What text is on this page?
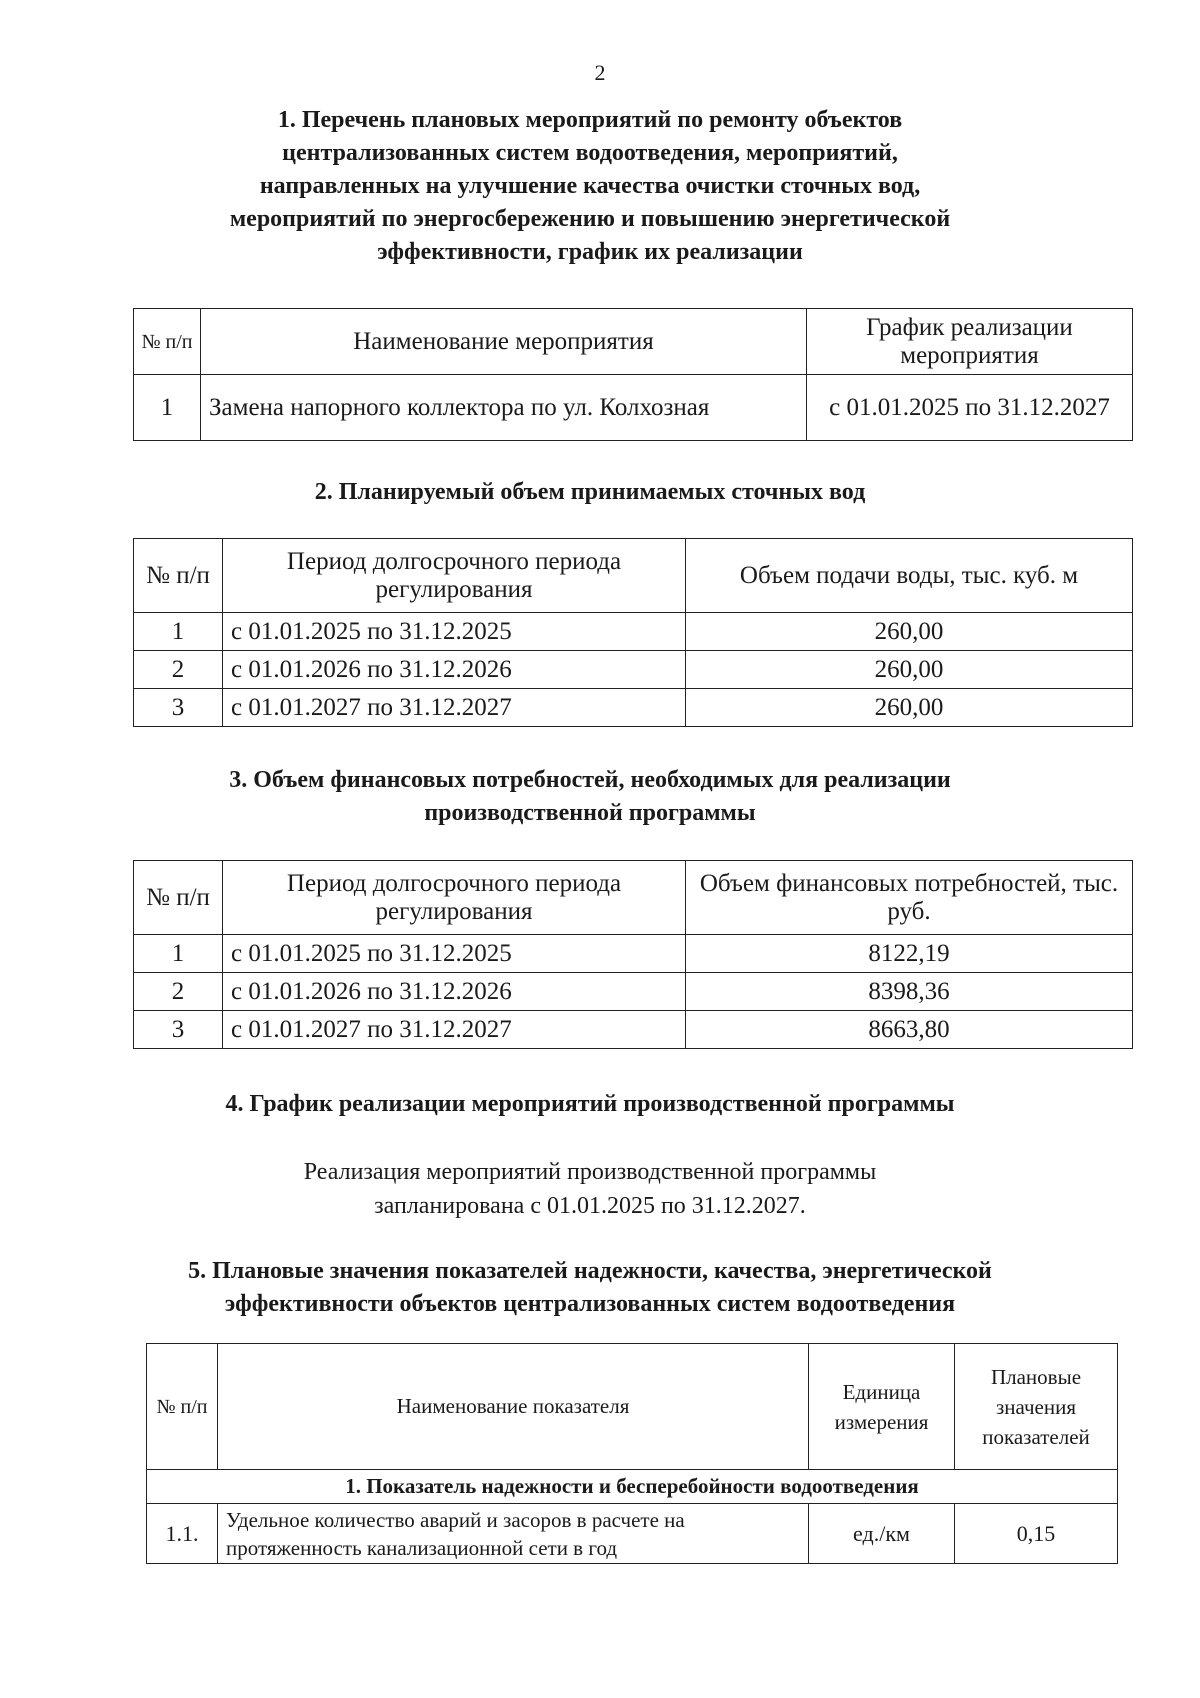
2
1. Перечень плановых мероприятий по ремонту объектов
централизованных систем водоотведения, мероприятий,
направленных на улучшение качества очистки сточных вод,
мероприятий по энергосбережению и повышению энергетической
эффективности, график их реализации
№ п/п	Наименование мероприятия	График реализации мероприятия
1	Замена напорного коллектора по ул. Колхозная	с 01.01.2025 по 31.12.2027
2. Планируемый объем принимаемых сточных вод
№ п/п	Период долгосрочного периода регулирования	Объем подачи воды, тыс. куб. м
1	с 01.01.2025 по 31.12.2025	260,00
2	с 01.01.2026 по 31.12.2026	260,00
3	с 01.01.2027 по 31.12.2027	260,00
3. Объем финансовых потребностей, необходимых для реализации
производственной программы
№ п/п	Период долгосрочного периода регулирования	Объем финансовых потребностей, тыс. руб.
1	с 01.01.2025 по 31.12.2025	8122,19
2	с 01.01.2026 по 31.12.2026	8398,36
3	с 01.01.2027 по 31.12.2027	8663,80
4. График реализации мероприятий производственной программы
Реализация мероприятий производственной программы
запланирована с 01.01.2025 по 31.12.2027.
5. Плановые значения показателей надежности, качества, энергетической
эффективности объектов централизованных систем водоотведения
№ п/п	Наименование показателя	Единица измерения	Плановые значения показателей
1. Показатель надежности и бесперебойности водоотведения			
1.1.	Удельное количество аварий и засоров в расчете на протяженность канализационной сети в год	ед./км	0,15
